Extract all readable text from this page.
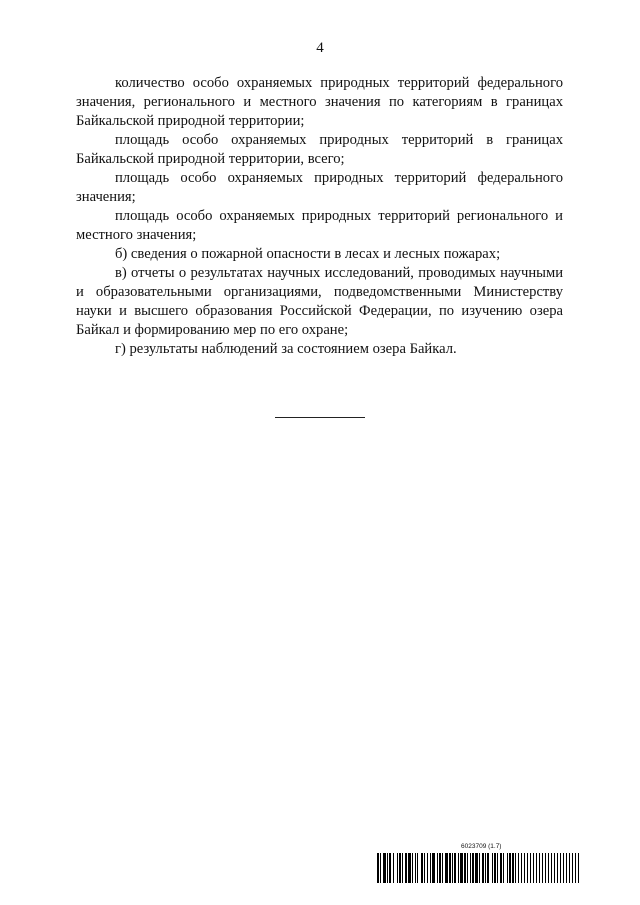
4

количество особо охраняемых природных территорий федерального значения, регионального и местного значения по категориям в границах Байкальской природной территории;

площадь особо охраняемых природных территорий в границах Байкальской природной территории, всего;

площадь особо охраняемых природных территорий федерального значения;

площадь особо охраняемых природных территорий регионального и местного значения;

б) сведения о пожарной опасности в лесах и лесных пожарах;

в) отчеты о результатах научных исследований, проводимых научными и образовательными организациями, подведомственными Министерству науки и высшего образования Российской Федерации, по изучению озера Байкал и формированию мер по его охране;

г) результаты наблюдений за состоянием озера Байкал.

6023709 (1.7)
